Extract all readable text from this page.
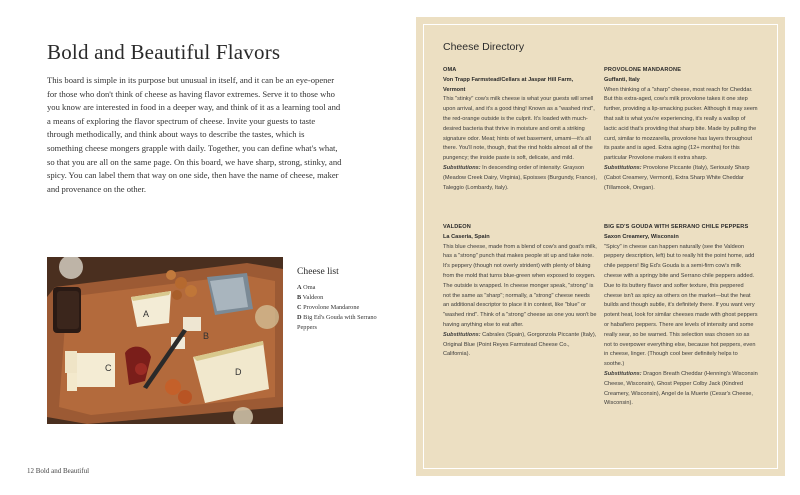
Bold and Beautiful Flavors

This board is simple in its purpose but unusual in itself, and it can be an eye-opener for those who don't think of cheese as having flavor extremes. Serve it to those who you know are interested in food in a deeper way, and think of it as a learning tool and a means of exploring the flavor spectrum of cheese. Invite your guests to taste through methodically, and think about ways to describe the tastes, which is something cheese mongers grapple with daily. Together, you can define what's what, so that you are all on the same page. On this board, we have sharp, strong, stinky, and spicy. You can label them that way on one side, then have the name of cheese, maker and provenance on the other.

A
B
C	D
Cheese list
A Oma
B Valdeon
C Provolone Mandarone
D Big Ed's Gouda with Serrano Peppers
12 Bold and Beautiful
Cheese Directory
OMA
Von Trapp Farmstead/Cellars at Jaspar Hill Farm, Vermont
This "stinky" cow's milk cheese is what your guests will smell upon arrival, and it's a good thing! Known as a "washed rind", the red-orange outside is the culprit. It's loaded with much-desired bacteria that thrive in moisture and omit a striking signature odor. Meat; hints of wet basement, umami—it's all there. You'll note, though, that the rind holds almost all of the pungency; the inside paste is soft, delicate, and mild.
Substitutions: In descending order of intensity: Grayson (Meadow Creek Dairy, Virginia), Epoisses (Burgundy, France), Taleggio (Lombardy, Italy).
PROVOLONE MANDARONE
Guffanti, Italy
When thinking of a "sharp" cheese, most reach for Cheddar. But this extra-aged, cow's milk provolone takes it one step further, providing a lip-smacking pucker. Although it may seem that salt is what you're experiencing, it's really a wallop of lactic acid that's providing that sharp bite. Made by pulling the curd, similar to mozzarella, provolone has layers throughout its paste and is aged. Extra aging (12+ months) for this particular Provolone makes it extra sharp.
Substitutions: Provolone Piccante (Italy), Seriously Sharp (Cabot Creamery, Vermont), Extra Sharp White Cheddar (Tillamook, Oregan).
VALDEON
La Caseria, Spain
This blue cheese, made from a blend of cow's and goat's milk, has a "strong" punch that makes people sit up and take note. It's peppery (though not overly strident) with plenty of bluing from the mold that turns blue-green when exposed to oxygen. The outside is wrapped. In cheese monger speak, "strong" is not the same as "sharp"; normally, a "strong" cheese needs an additional descriptor to place it in context, like "blue" or "washed rind". Think of a "strong" cheese as one you won't be having anything else to eat after.
Substitutions: Cabrales (Spain), Gorgonzola Piccante (Italy), Original Blue (Point Reyes Farmstead Cheese Co., California).
BIG ED'S GOUDA WITH SERRANO CHILE PEPPERS
Saxon Creamery, Wisconsin
"Spicy" in cheese can happen naturally (see the Valdeon peppery description, left) but to really hit the point home, add chile peppers! Big Ed's Gouda is a semi-firm cow's milk cheese with a springy bite and Serrano chile peppers added. Due to its buttery flavor and softer texture, this peppered cheese isn't as spicy as others on the market—but the heat builds and though subtle, it's definitely there. If you want very potent heat, look for similar cheeses made with ghost peppers or habañero peppers. There are levels of intensity and some really sear, so be warned. This selection was chosen so as not to overpower everything else, because hot peppers, even in cheese, linger. (Though cool beer definitely helps to soothe.)
Substitutions: Dragon Breath Cheddar (Henning's Wisconsin Cheese, Wisconsin), Ghost Pepper Colby Jack (Kindred Creamery, Wisconsin), Angel de la Muerte (Cesar's Cheese, Wisconsin).
